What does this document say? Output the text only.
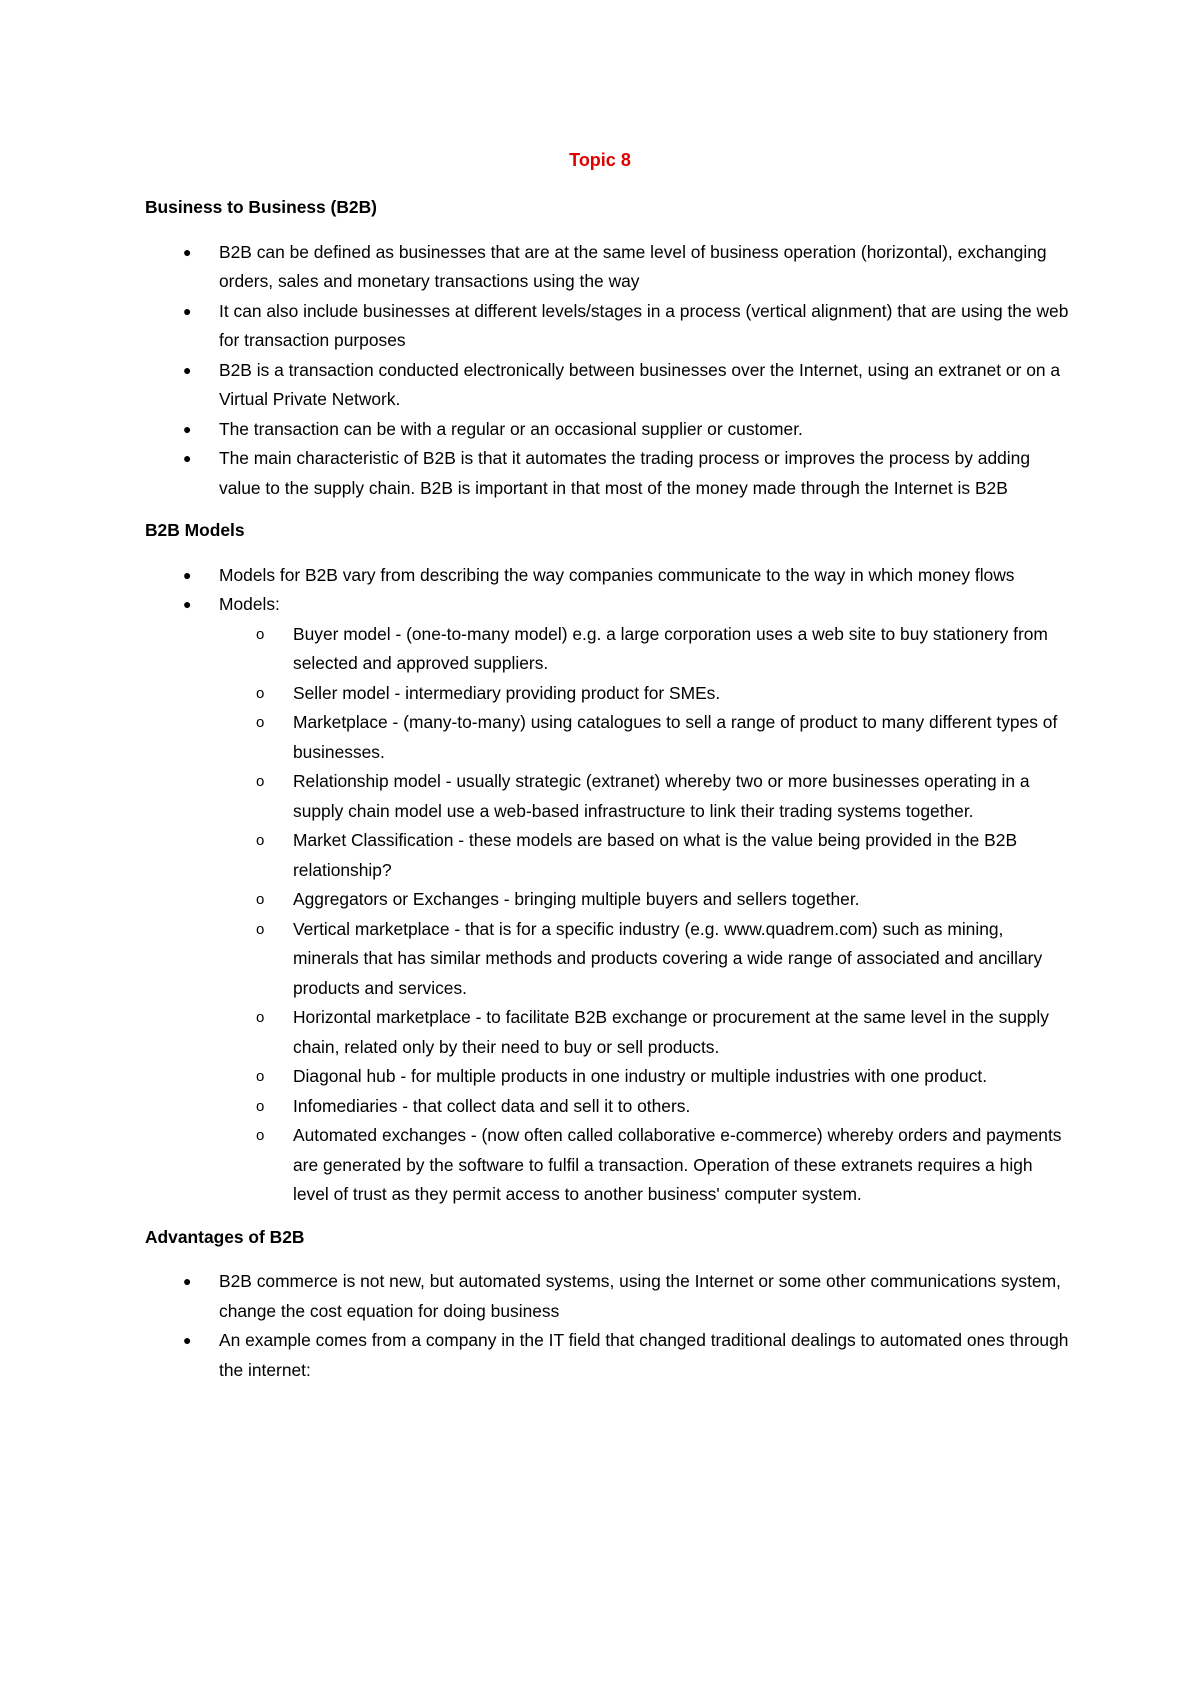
Topic 8

Business to Business (B2B)

● B2B can be defined as businesses that are at the same level of business operation (horizontal), exchanging orders, sales and monetary transactions using the way
● It can also include businesses at different levels/stages in a process (vertical alignment) that are using the web for transaction purposes
● B2B is a transaction conducted electronically between businesses over the Internet, using an extranet or on a Virtual Private Network.
● The transaction can be with a regular or an occasional supplier or customer.
● The main characteristic of B2B is that it automates the trading process or improves the process by adding value to the supply chain. B2B is important in that most of the money made through the Internet is B2B

B2B Models

● Models for B2B vary from describing the way companies communicate to the way in which money flows
● Models:
o Buyer model - (one-to-many model) e.g. a large corporation uses a web site to buy stationery from selected and approved suppliers.
o Seller model - intermediary providing product for SMEs.
o Marketplace - (many-to-many) using catalogues to sell a range of product to many different types of businesses.
o Relationship model - usually strategic (extranet) whereby two or more businesses operating in a supply chain model use a web-based infrastructure to link their trading systems together.
o Market Classification - these models are based on what is the value being provided in the B2B relationship?
o Aggregators or Exchanges - bringing multiple buyers and sellers together.
o Vertical marketplace - that is for a specific industry (e.g. www.quadrem.com) such as mining, minerals that has similar methods and products covering a wide range of associated and ancillary products and services.
o Horizontal marketplace - to facilitate B2B exchange or procurement at the same level in the supply chain, related only by their need to buy or sell products.
o Diagonal hub - for multiple products in one industry or multiple industries with one product.
o Infomediaries - that collect data and sell it to others.
o Automated exchanges - (now often called collaborative e-commerce) whereby orders and payments are generated by the software to fulfil a transaction. Operation of these extranets requires a high level of trust as they permit access to another business' computer system.

Advantages of B2B

● B2B commerce is not new, but automated systems, using the Internet or some other communications system, change the cost equation for doing business
● An example comes from a company in the IT field that changed traditional dealings to automated ones through the internet:
